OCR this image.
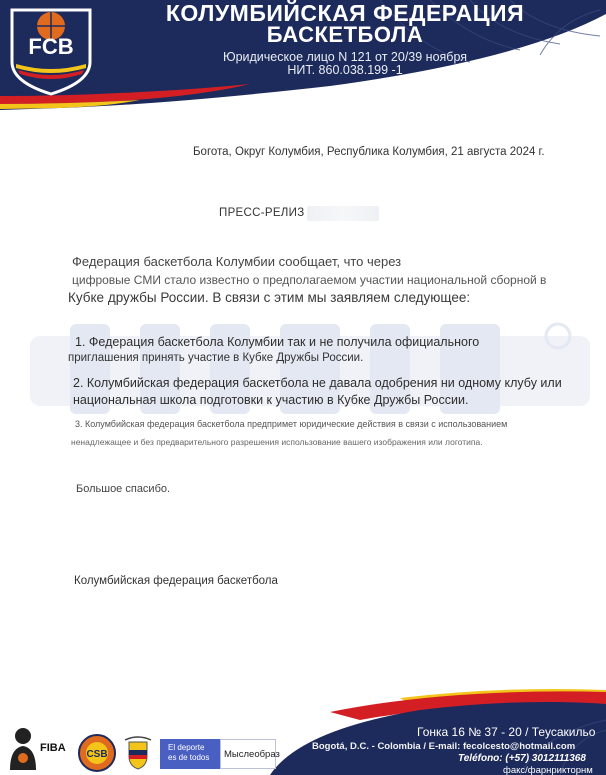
FCB
КОЛУМБИЙСКАЯ ФЕДЕРАЦИЯ
БАСКЕТБОЛА
Юридическое лицо N 121 от 20/39 ноября
НИТ. 860.038.199 -1
Богота, Округ Колумбия, Республика Колумбия, 21 августа 2024 г.
ПРЕСС-РЕЛИЗ
Федерация баскетбола Колумбии сообщает, что через
цифровые СМИ стало известно о предполагаемом участии национальной сборной в
Кубке дружбы России. В связи с этим мы заявляем следующее:
1. Федерация баскетбола Колумбии так и не получила официального
приглашения принять участие в Кубке Дружбы России.
2. Колумбийская федерация баскетбола не давала одобрения ни одному клубу или
национальная школа подготовки к участию в Кубке Дружбы России.
3. Колумбийская федерация баскетбола предпримет юридические действия в связи с использованием
ненадлежащее и без предварительного разрешения использование вашего изображения или логотипа.
Большое спасибо.
Колумбийская федерация баскетбола
FIBA
CSB
El deporte
es de todos	Мыслеобраз
Гонка 16 № 37 - 20 / Теусакильо
Bogotá, D.C. - Colombia / E-mail: fecolcesto@hotmail.com
Teléfono: (+57) 3012111368
факс/фарнрикторнм
